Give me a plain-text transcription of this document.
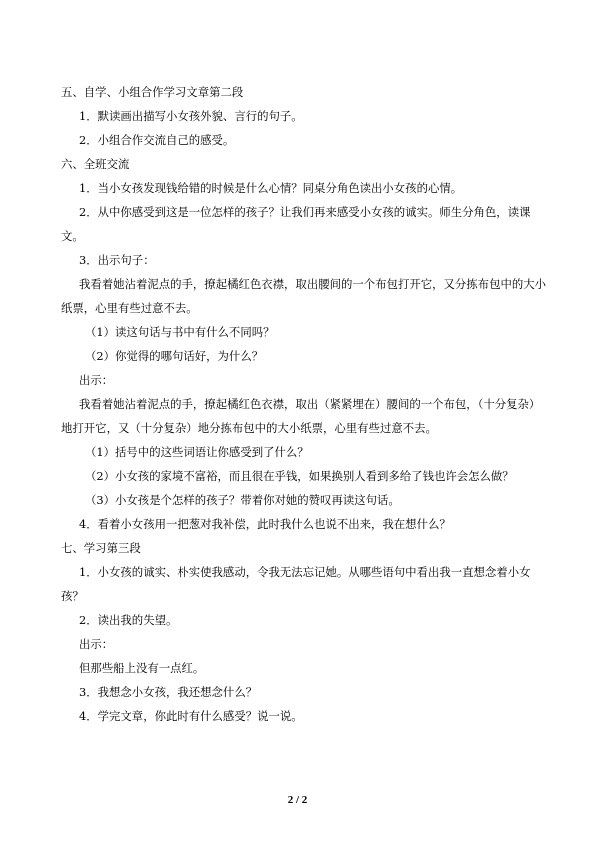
五、自学、小组合作学习文章第二段

1．默读画出描写小女孩外貌、言行的句子。

2．小组合作交流自己的感受。

六、全班交流

1．当小女孩发现钱给错的时候是什么心情？同桌分角色读出小女孩的心情。

2．从中你感受到这是一位怎样的孩子？让我们再来感受小女孩的诚实。师生分角色，读课文。

3．出示句子：

我看着她沾着泥点的手，撩起橘红色衣襟，取出腰间的一个布包打开它，又分拣布包中的大小纸票，心里有些过意不去。

（1）读这句话与书中有什么不同吗？

（2）你觉得的哪句话好，为什么？

出示：

我看着她沾着泥点的手，撩起橘红色衣襟，取出（紧紧埋在）腰间的一个布包，（十分复杂）地打开它，又（十分复杂）地分拣布包中的大小纸票，心里有些过意不去。

（1）括号中的这些词语让你感受到了什么？

（2）小女孩的家境不富裕，而且很在乎钱，如果换别人看到多给了钱也许会怎么做？

（3）小女孩是个怎样的孩子？带着你对她的赞叹再读这句话。

4．看着小女孩用一把葱对我补偿，此时我什么也说不出来，我在想什么？

七、学习第三段

1．小女孩的诚实、朴实使我感动，令我无法忘记她。从哪些语句中看出我一直想念着小女孩？

2．读出我的失望。

出示：

但那些船上没有一点红。

3．我想念小女孩，我还想念什么？

4．学完文章，你此时有什么感受？说一说。

2 / 2
